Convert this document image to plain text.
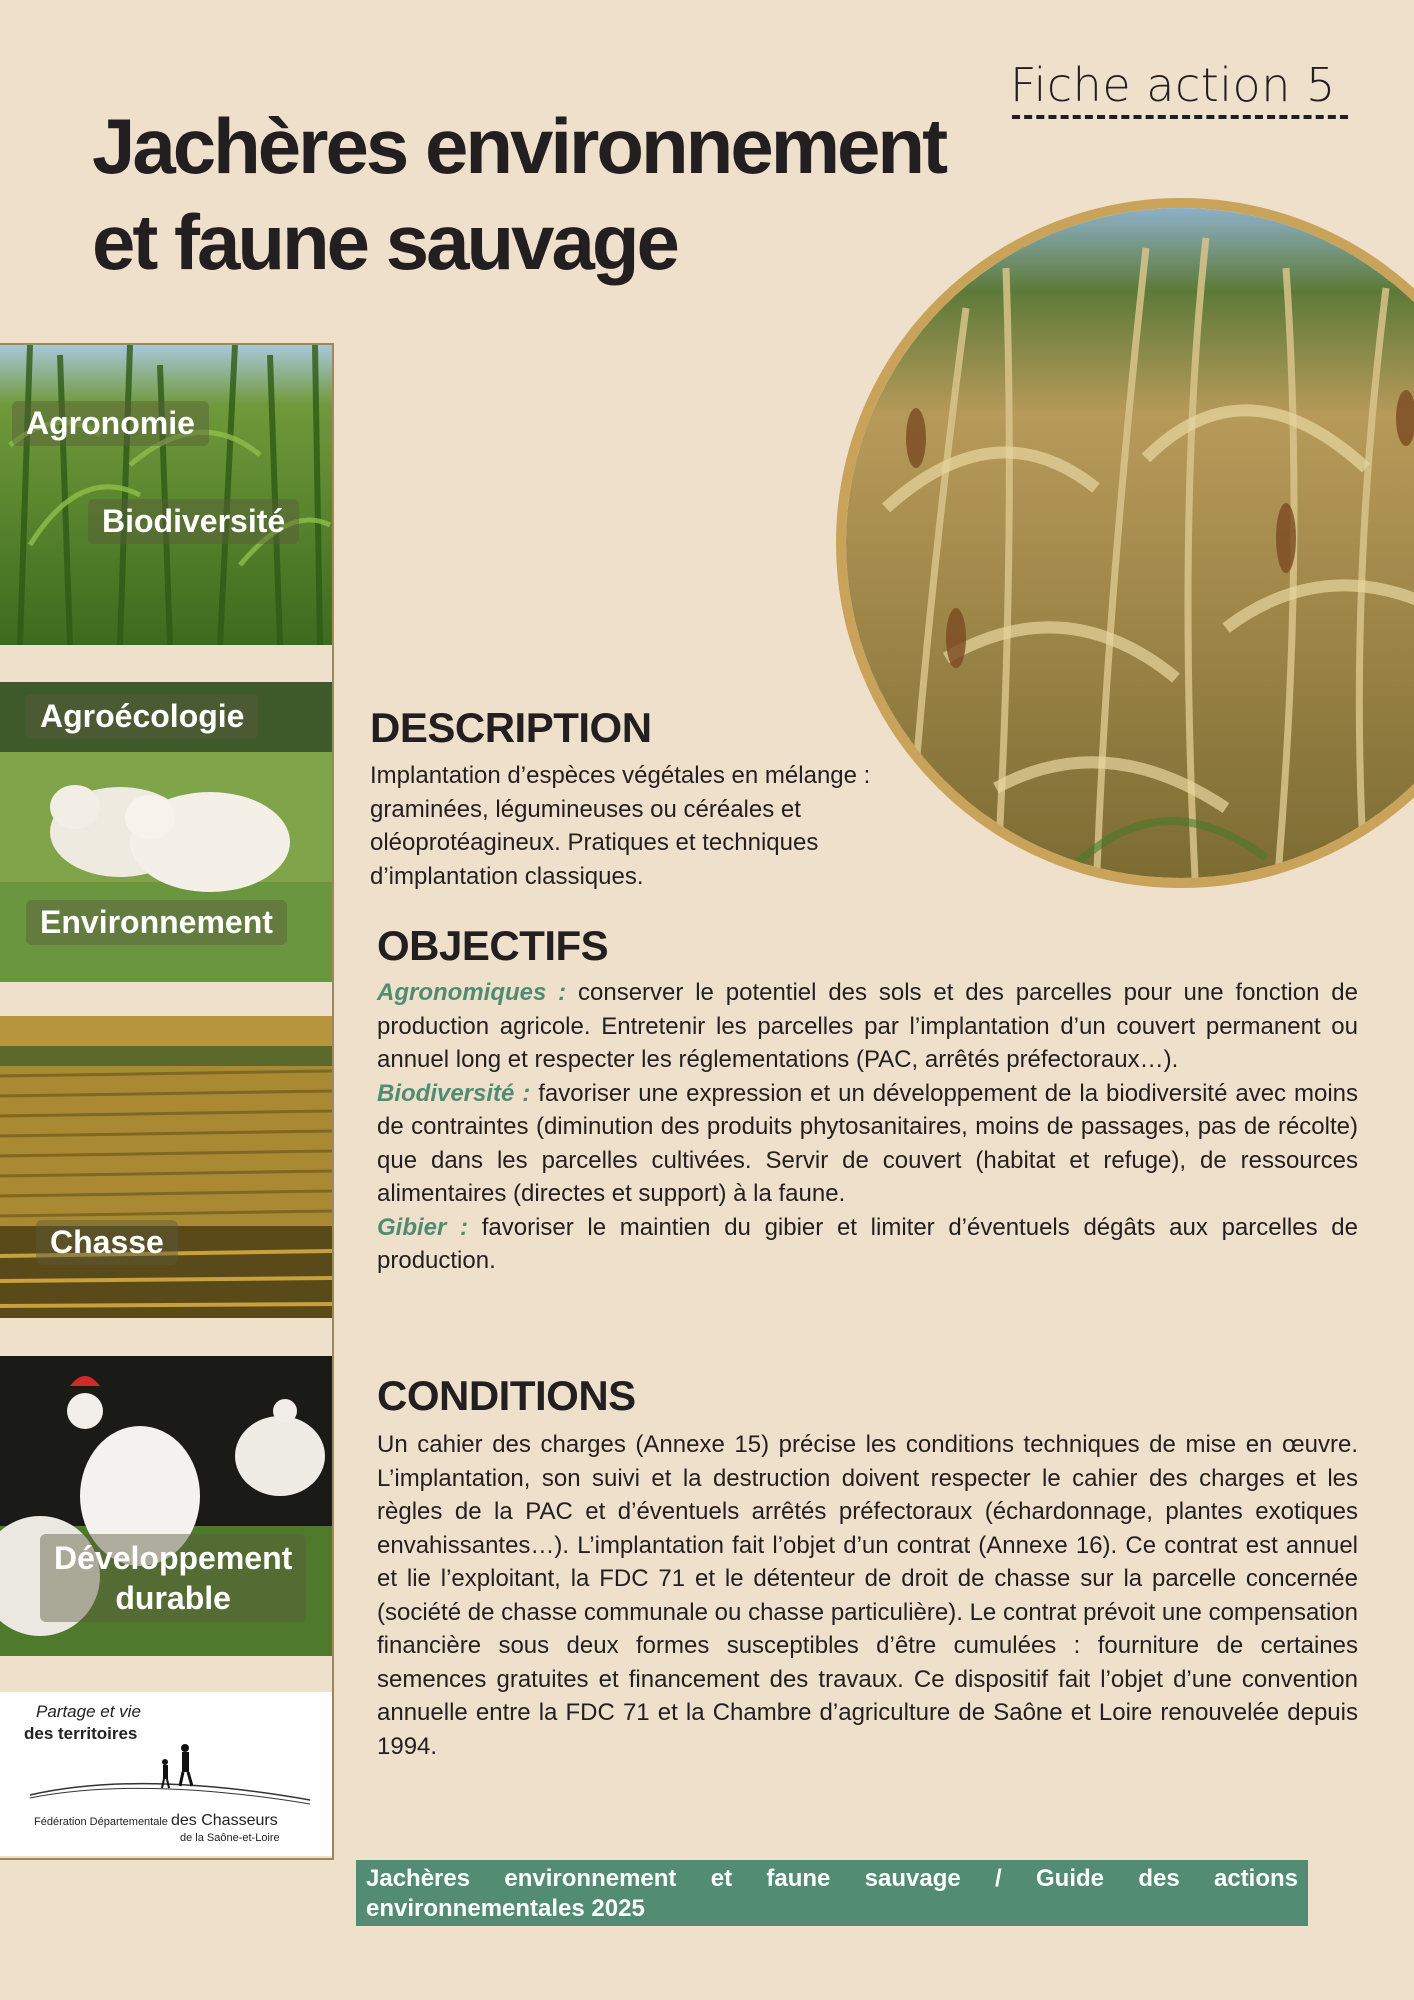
Fiche action 5
Jachères environnement
et faune sauvage
Agronomie
Biodiversité
Agroécologie
Environnement
Chasse
Développement
durable
Partage et vie
des territoires
Fédération Départementale des Chasseurs
de la Saône-et-Loire
DESCRIPTION
Implantation d’espèces végétales en mélange : graminées, légumineuses ou céréales et oléoprotéagineux. Pratiques et techniques d’implantation classiques.
OBJECTIFS
Agronomiques : conserver le potentiel des sols et des parcelles pour une fonction de production agricole. Entretenir les parcelles par l’implantation d’un couvert permanent ou annuel long et respecter les réglementations (PAC, arrêtés préfectoraux…).
Biodiversité : favoriser une expression et un développement de la biodiversité avec moins de contraintes (diminution des produits phytosanitaires, moins de passages, pas de récolte) que dans les parcelles cultivées. Servir de couvert (habitat et refuge), de ressources alimentaires (directes et support) à la faune.
Gibier : favoriser le maintien du gibier et limiter d’éventuels dégâts aux parcelles de production.
CONDITIONS
Un cahier des charges (Annexe 15) précise les conditions techniques de mise en œuvre. L’implantation, son suivi et la destruction doivent respecter le cahier des charges et les règles de la PAC et d’éventuels arrêtés préfectoraux (échardonnage, plantes exotiques envahissantes…). L’implantation fait l’objet d’un contrat (Annexe 16). Ce contrat est annuel et lie l’exploitant, la FDC 71 et le détenteur de droit de chasse sur la parcelle concernée (société de chasse communale ou chasse particulière). Le contrat prévoit une compensation financière sous deux formes susceptibles d’être cumulées : fourniture de certaines semences gratuites et financement des travaux. Ce dispositif fait l’objet d’une convention annuelle entre la FDC 71 et la Chambre d’agriculture de Saône et Loire renouvelée depuis 1994.
Jachères environnement et faune sauvage / Guide des actions environnementales 2025
